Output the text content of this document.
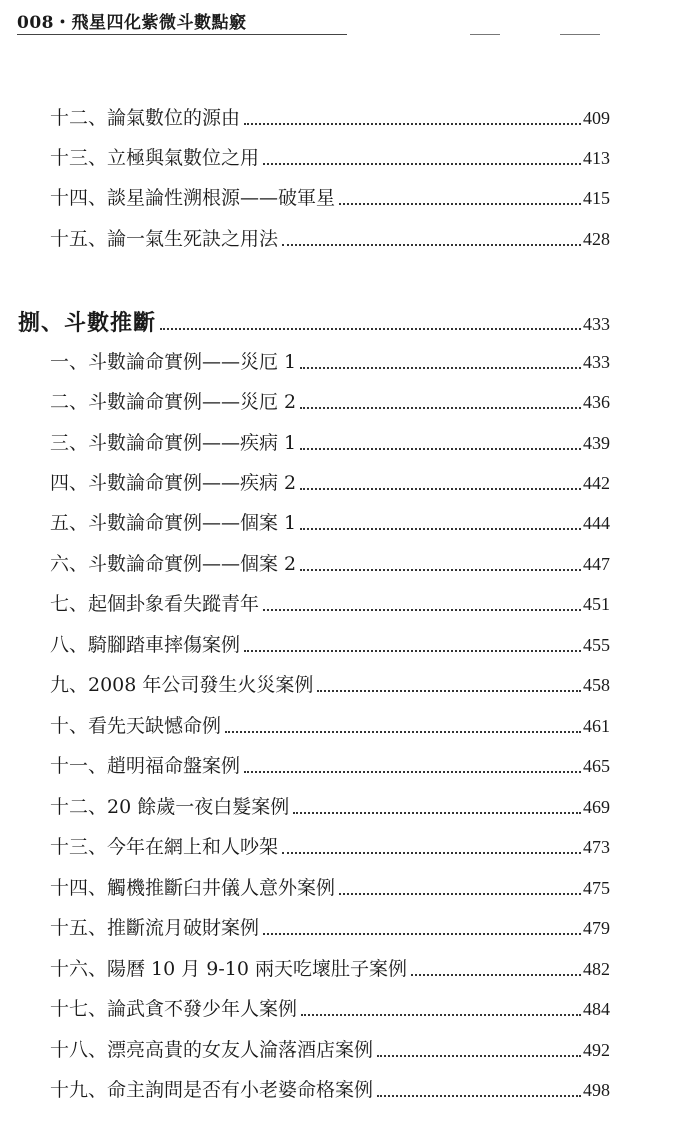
008・飛星四化紫微斗數點竅
十二、論氣數位的源由	409
十三、立極與氣數位之用	413
十四、談星論性溯根源——破軍星	415
十五、論一氣生死訣之用法	428
捌、斗數推斷	433
一、斗數論命實例——災厄 1	433
二、斗數論命實例——災厄 2	436
三、斗數論命實例——疾病 1	439
四、斗數論命實例——疾病 2	442
五、斗數論命實例——個案 1	444
六、斗數論命實例——個案 2	447
七、起個卦象看失蹤青年	451
八、騎腳踏車摔傷案例	455
九、2008 年公司發生火災案例	458
十、看先天缺憾命例	461
十一、趙明福命盤案例	465
十二、20 餘歲一夜白髮案例	469
十三、今年在網上和人吵架	473
十四、觸機推斷臼井儀人意外案例	475
十五、推斷流月破財案例	479
十六、陽曆 10 月 9-10 兩天吃壞肚子案例	482
十七、論武貪不發少年人案例	484
十八、漂亮高貴的女友人淪落酒店案例	492
十九、命主詢問是否有小老婆命格案例	498
